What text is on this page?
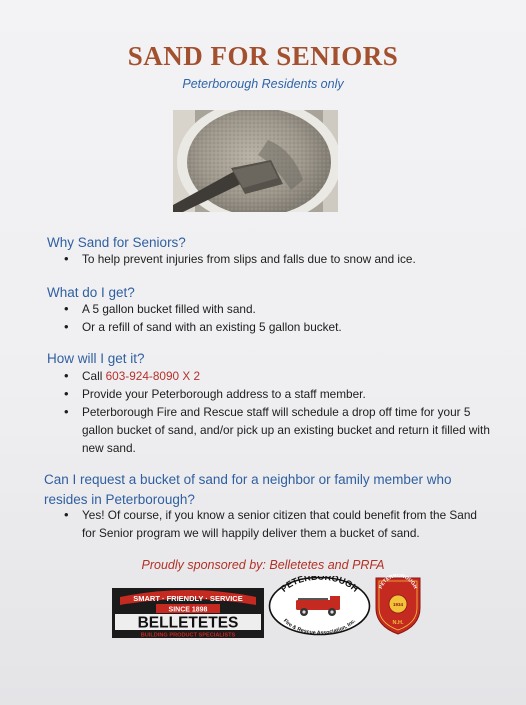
SAND FOR SENIORS
Peterborough Residents only
Why Sand for Seniors?
• To help prevent injuries from slips and falls due to snow and ice.
What do I get?
• A 5 gallon bucket filled with sand.
• Or a refill of sand with an existing 5 gallon bucket.
How will I get it?
• Call 603-924-8090 X 2
• Provide your Peterborough address to a staff member.
• Peterborough Fire and Rescue staff will schedule a drop off time for your 5 gallon bucket of sand, and/or pick up an existing bucket and return it filled with new sand.
Can I request a bucket of sand for a neighbor or family member who resides in Peterborough?
• Yes! Of course, if you know a senior citizen that could benefit from the Sand for Senior program we will happily deliver them a bucket of sand.
Proudly sponsored by: Belletetes and PRFA
SMART · FRIENDLY · SERVICE
SINCE 1898
BELLETETES
BUILDING PRODUCT SPECIALISTS
PETERBOROUGH
Fire & Rescue Association, Inc.
PETERBOROUGH
1934
N.H.
